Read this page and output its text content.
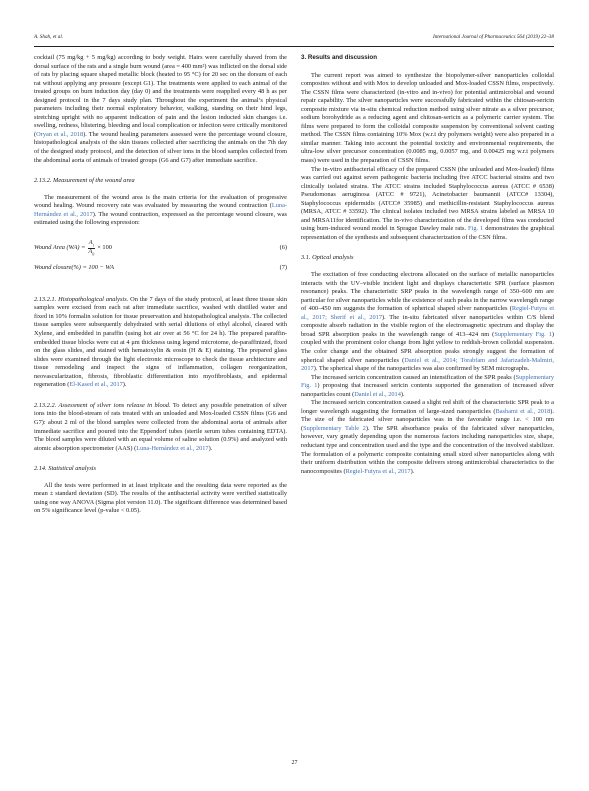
A. Shah, et al.	International Journal of Pharmaceutics 564 (2019) 22–38

cocktail (75 mg/kg + 5 mg/kg) according to body weight. Hairs were carefully shaved from the dorsal surface of the rats and a single burn wound (area = 400 mm²) was inflicted on the dorsal side of rats by placing square shaped metallic block (heated to 95 °C) for 20 sec on the dorsum of each rat without applying any pressure (except G1). The treatments were applied to each animal of the treated groups on burn induction day (day 0) and the treatments were reapplied every 48 h as per designed protocol in the 7 days study plan. Throughout the experiment the animal’s physical parameters including their normal exploratory behavior, walking, standing on their hind legs, stretching upright with no apparent indication of pain and the lesion inducted skin changes i.e. swelling, redness, blistering, bleeding and local complication or infection were critically monitored (Oryan et al., 2018). The wound healing parameters assessed were the percentage wound closure, histopathological analysis of the skin tissues collected after sacrificing the animals on the 7th day of the designed study protocol, and the detection of silver ions in the blood samples collected from the abdominal aorta of animals of treated groups (G6 and G7) after immediate sacrifice.

2.13.2. Measurement of the wound area

The measurement of the wound area is the main criteria for the evaluation of progressive wound healing. Wound recovery rate was evaluated by measuring the wound contraction (Luna-Hernández et al., 2017). The wound contraction, expressed as the percentage wound closure, was estimated using the following expression:

Wound Area $(WA) = \frac{A_t}{A_0} \times 100$	(6)
Wound closure(%) = 100 − WA	(7)

2.13.2.1. Histopathological analysis. On the 7 days of the study protocol, at least three tissue skin samples were excised from each rat after immediate sacrifice, washed with distilled water and fixed in 10% formalin solution for tissue preservation and histopathological analysis. The collected tissue samples were subsequently dehydrated with serial dilutions of ethyl alcohol, cleared with Xylene, and embedded in paraffin (using hot air over at 56 °C for 24 h). The prepared paraffin-embedded tissue blocks were cut at 4 μm thickness using legend microtome, de-paraffinized, fixed on the glass slides, and stained with hematoxylin & eosin (H & E) staining. The prepared glass slides were examined through the light electronic microscope to check the tissue architecture and tissue remodeling and inspect the signs of inflammation, collagen reorganization, neovascularization, fibrosis, fibroblastic differentiation into myofibroblasts, and epidermal regeneration (El-Kased et al., 2017).

2.13.2.2. Assessment of silver ions release in blood. To detect any possible penetration of silver ions into the blood-stream of rats treated with an unloaded and Mox-loaded CSSN films (G6 and G7): about 2 ml of the blood samples were collected from the abdominal aorta of animals after immediate sacrifice and poured into the Eppendorf tubes (sterile serum tubes containing EDTA). The blood samples were diluted with an equal volume of saline solution (0.9%) and analyzed with atomic absorption spectrometer (AAS) (Luna-Hernández et al., 2017).

2.14. Statistical analysis

All the tests were performed in at least triplicate and the resulting data were reported as the mean ± standard deviation (SD). The results of the antibacterial activity were verified statistically using one way ANOVA (Sigma plot version 11.0). The significant difference was determined based on 5% significance level (p-value < 0.05).

3. Results and discussion

The current report was aimed to synthesize the biopolymer-silver nanoparticles colloidal composites without and with Mox to develop unloaded and Mox-loaded CSSN films, respectively. The CSSN films were characterized (in-vitro and in-vivo) for potential antimicrobial and wound repair capability. The silver nanoparticles were successfully fabricated within the chitosan-sericin composite mixture via in-situ chemical reduction method using silver nitrate as a silver precursor, sodium borohydride as a reducing agent and chitosan-sericin as a polymeric carrier system. The films were prepared to form the colloidal composite suspension by conventional solvent casting method. The CSSN films containing 10% Mox (w.r.t dry polymers weight) were also prepared in a similar manner. Taking into account the potential toxicity and environmental requirements, the ultra-low silver precursor concentration (0.0085 mg, 0.0057 mg, and 0.00425 mg w.r.t polymers mass) were used in the preparation of CSSN films.

The in-vitro antibacterial efficacy of the prepared CSSN (the unloaded and Mox-loaded) films was carried out against seven pathogenic bacteria including five ATCC bacterial strains and two clinically isolated strains. The ATCC strains included Staphylococcus aureus (ATCC # 6538) Pseudomonas aeruginosa (ATCC # 9721), Acinetobacter baumannii (ATCC# 13304), Staphylococcus epidermidis (ATCC# 35985) and methicillin-resistant Staphylococcus aureus (MRSA, ATCC # 33592). The clinical isolates included two MRSA strains labeled as MRSA 10 and MRSA11for identification. The in-vivo characterization of the developed films was conducted using burn-induced wound model in Sprague Dawley male rats. Fig. 1 demonstrates the graphical representation of the synthesis and subsequent characterization of the CSN films.

3.1. Optical analysis

The excitation of free conducting electrons allocated on the surface of metallic nanoparticles interacts with the UV–visible incident light and displays characteristic SPR (surface plasmon resonance) peaks. The characteristic SRP peaks in the wavelength range of 350–600 nm are particular for silver nanoparticles while the existence of such peaks in the narrow wavelength range of 400–450 nm suggests the formation of spherical shaped silver nanoparticles (Regiel-Futyra et al., 2017; Sherif et al., 2017). The in-situ fabricated silver nanoparticles within C/S blend composite absorb radiation in the visible region of the electromagnetic spectrum and display the broad SPR absorption peaks in the wavelength range of 413–424 nm (Supplementary Fig. 1) coupled with the prominent color change from light yellow to reddish-brown colloidal suspension. The color change and the obtained SPR absorption peaks strongly suggest the formation of spherical shaped silver nanoparticles (Daniel et al., 2014; Torabfam and Jafarizadeh-Malmiri, 2017). The spherical shape of the nanoparticles was also confirmed by SEM micrographs.

The increased sericin concentration caused an intensification of the SPR peaks (Supplementary Fig. 1) proposing that increased sericin contents supported the generation of increased silver nanoparticles count (Daniel et al., 2014).

The increased sericin concentration caused a slight red shift of the characteristic SPR peak to a longer wavelength suggesting the formation of large-sized nanoparticles (Bashami et al., 2018). The size of the fabricated silver nanoparticles was in the favorable range i.e. < 100 nm (Supplementary Table 2). The SPR absorbance peaks of the fabricated silver nanoparticles, however, vary greatly depending upon the numerous factors including nanoparticles size, shape, reductant type and concentration used and the type and the concentration of the involved stabilizer. The formulation of a polymeric composite containing small sized silver nanoparticles along with their uniform distribution within the composite delivers strong antimicrobial characteristics to the nanocomposites (Regiel-Futyra et al., 2017).

27
